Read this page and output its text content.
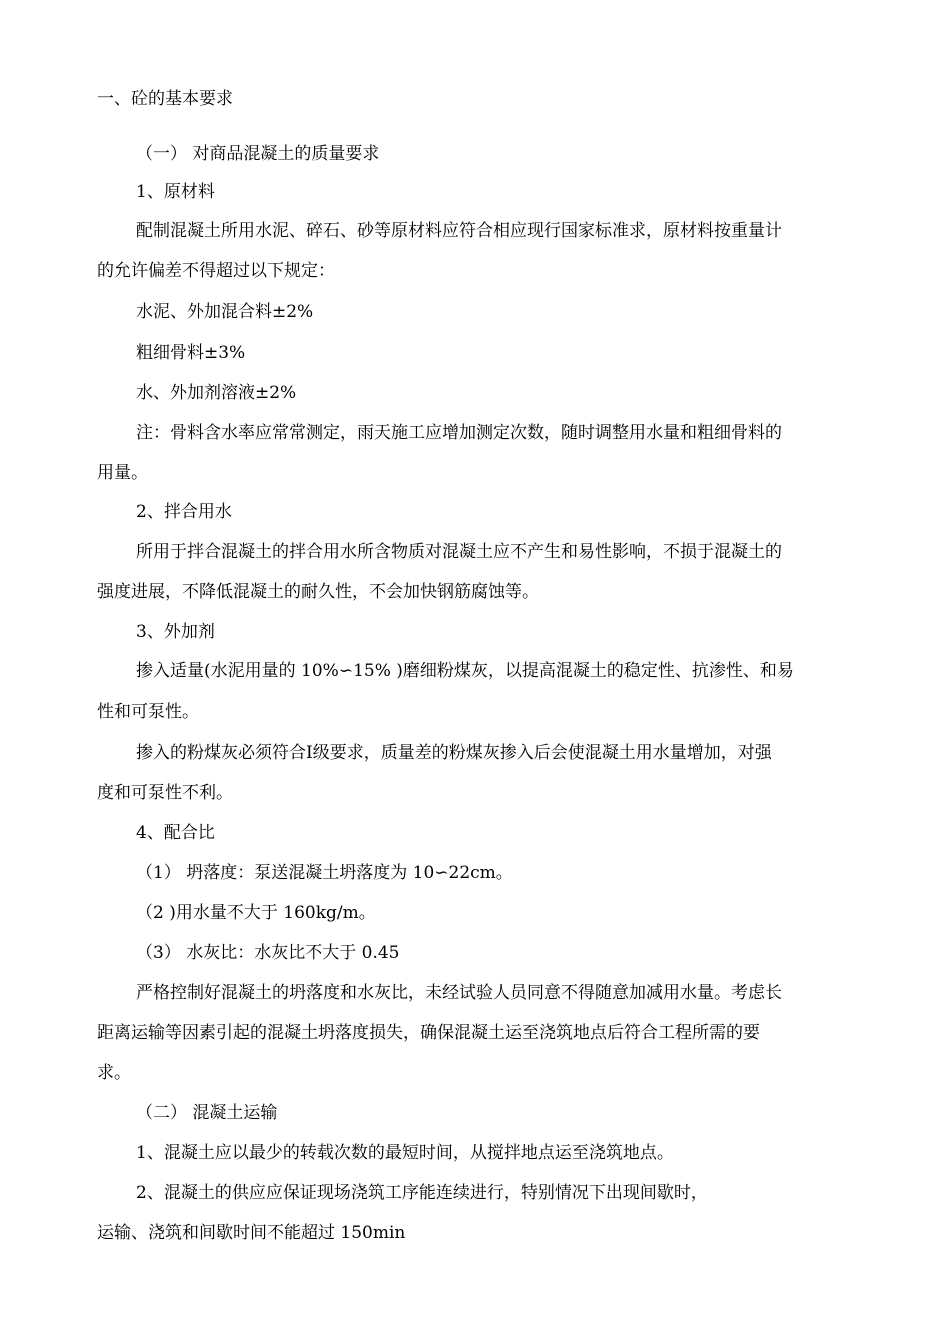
一、砼的基本要求

（一） 对商品混凝土的质量要求

1、原材料

配制混凝土所用水泥、碎石、砂等原材料应符合相应现行国家标准求，原材料按重量计

的允许偏差不得超过以下规定：

水泥、外加混合料±2%

粗细骨料±3%

水、外加剂溶液±2%

注：骨料含水率应常常测定，雨天施工应增加测定次数，随时调整用水量和粗细骨料的

用量。

2、拌合用水

所用于拌合混凝土的拌合用水所含物质对混凝土应不产生和易性影响，不损于混凝土的

强度进展，不降低混凝土的耐久性，不会加快钢筋腐蚀等。

3、外加剂

掺入适量(水泥用量的 10%∽15% )磨细粉煤灰，以提高混凝土的稳定性、抗渗性、和易

性和可泵性。

掺入的粉煤灰必须符合Ⅰ级要求，质量差的粉煤灰掺入后会使混凝土用水量增加，对强

度和可泵性不利。

4、配合比

（1） 坍落度：泵送混凝土坍落度为 10∽22cm。

（2 )用水量不大于 160kg/m。

（3） 水灰比：水灰比不大于 0.45

严格控制好混凝土的坍落度和水灰比，未经试验人员同意不得随意加减用水量。考虑长

距离运输等因素引起的混凝土坍落度损失，确保混凝土运至浇筑地点后符合工程所需的要

求。

（二） 混凝土运输

1、混凝土应以最少的转载次数的最短时间，从搅拌地点运至浇筑地点。

2、混凝土的供应应保证现场浇筑工序能连续进行，特别情况下出现间歇时，

运输、浇筑和间歇时间不能超过 150min
